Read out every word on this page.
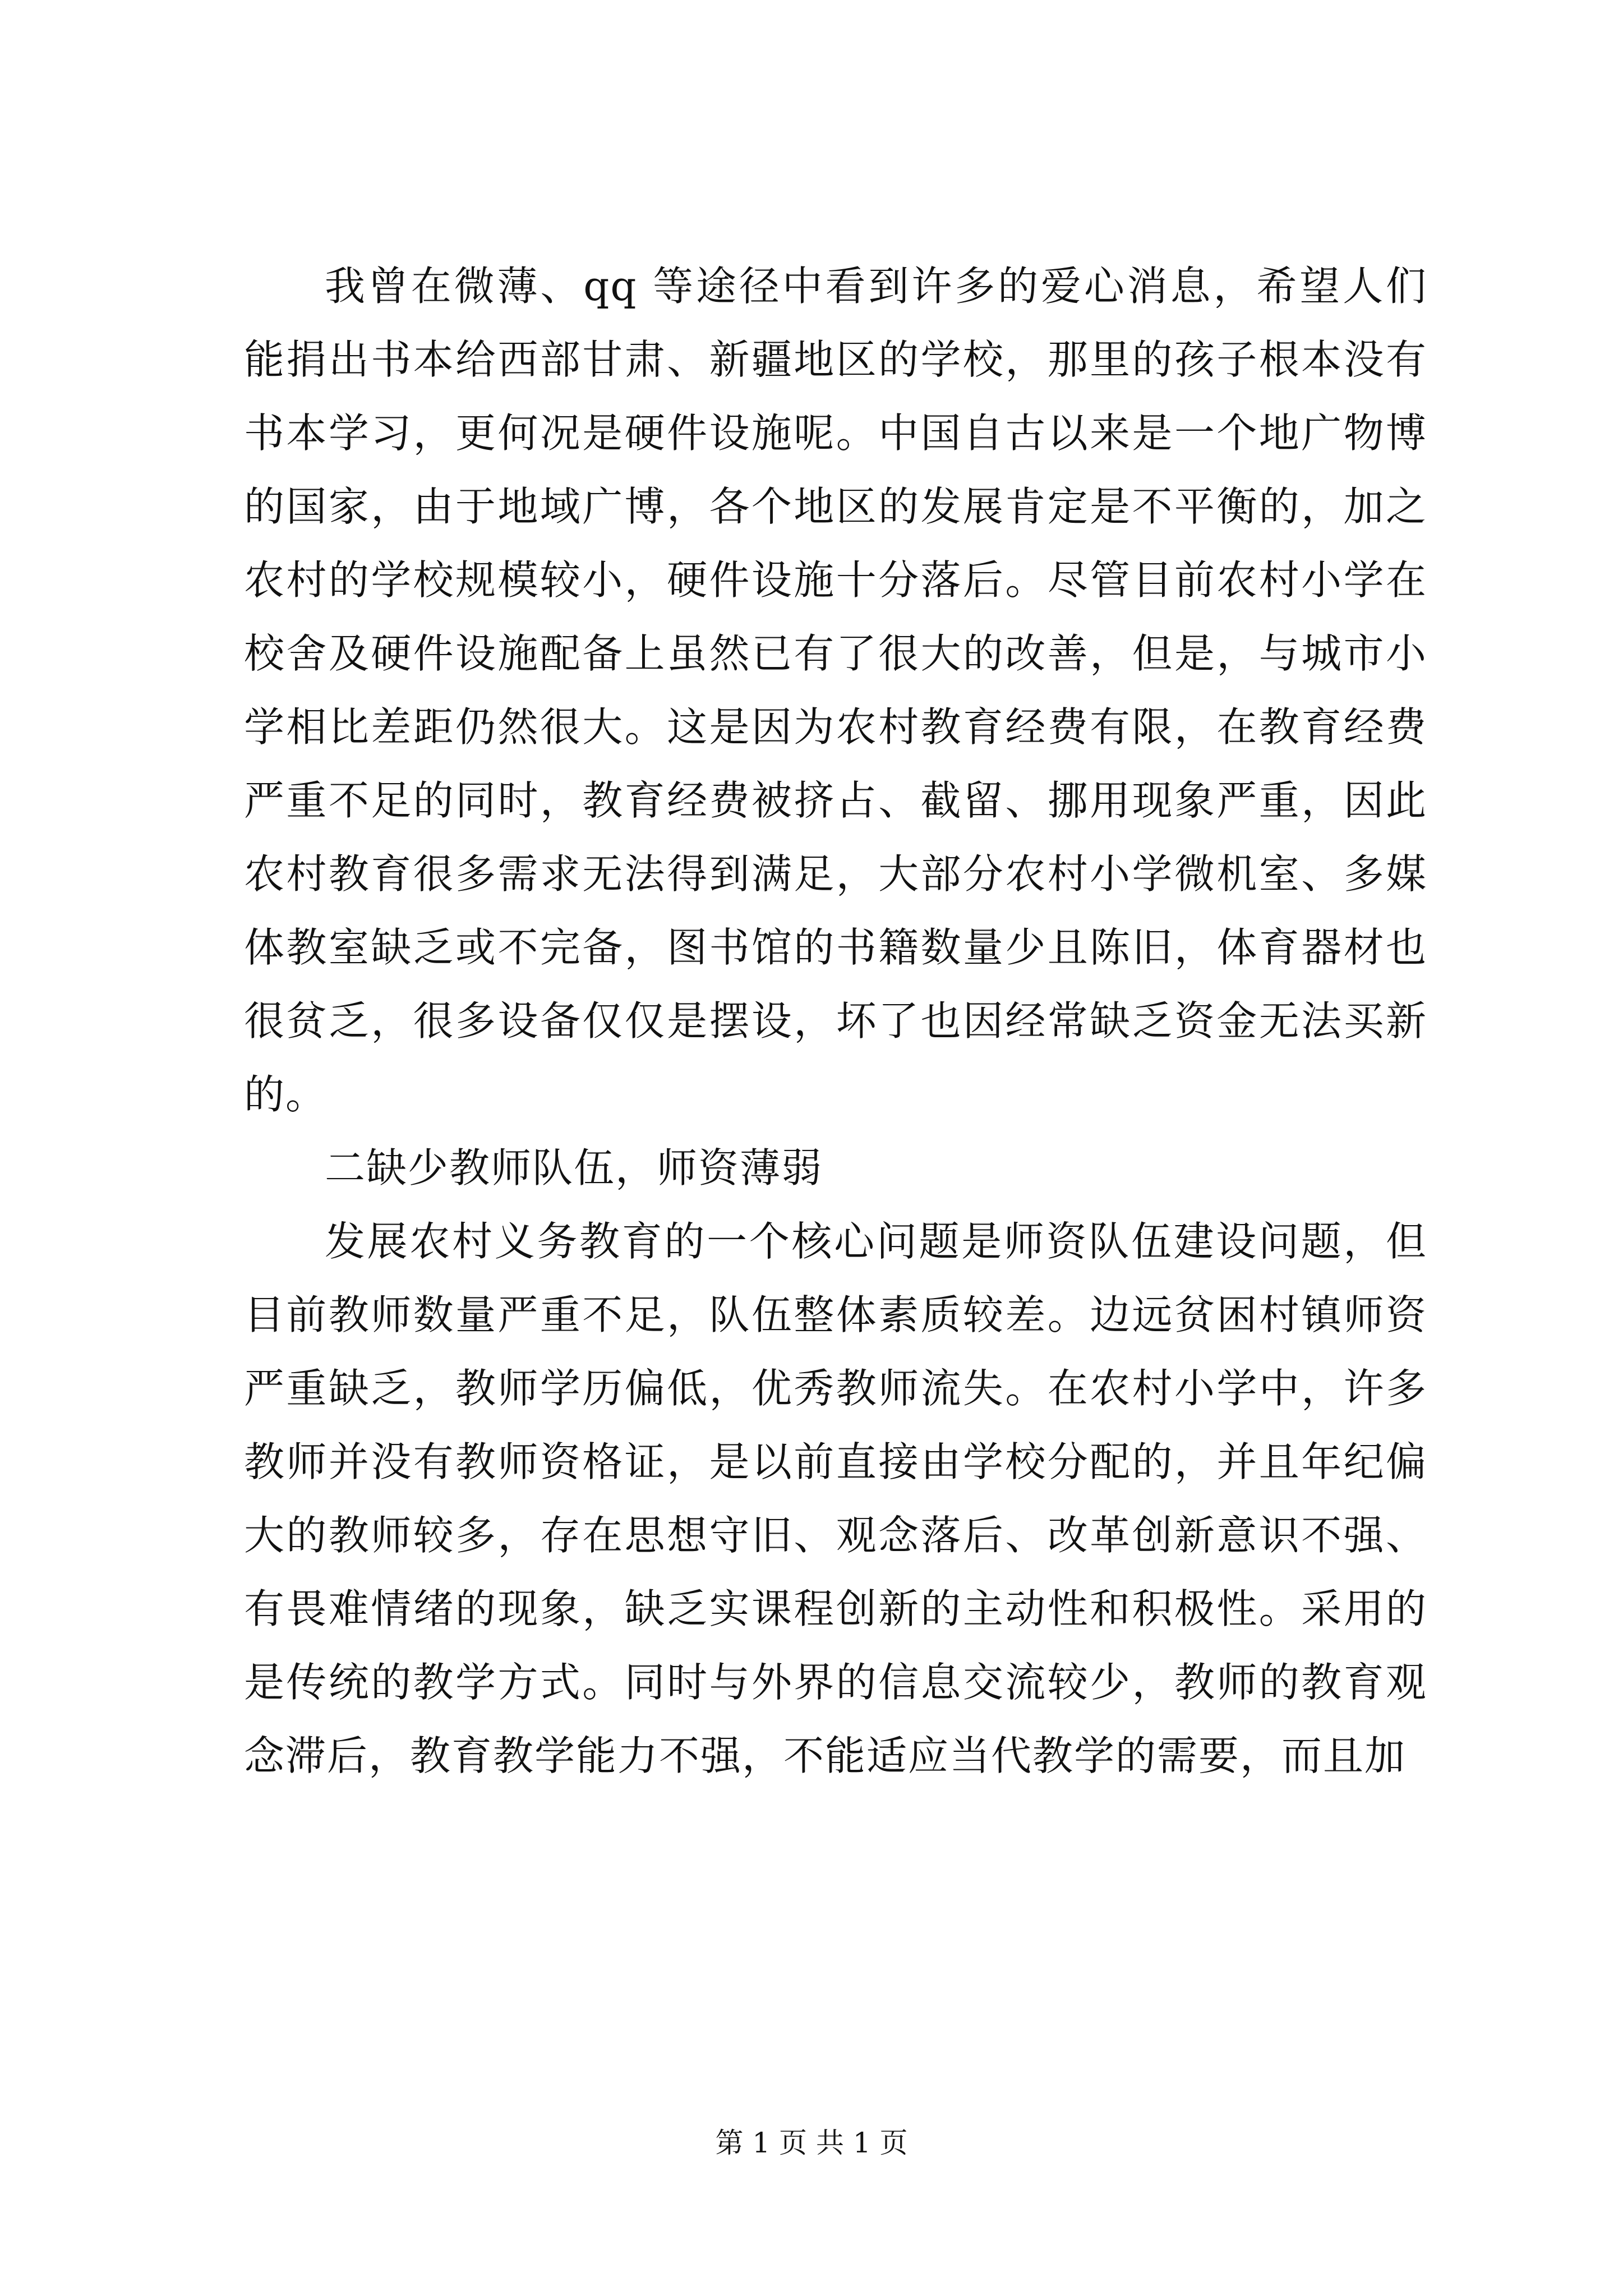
我曾在微薄、qq 等途径中看到许多的爱心消息，希望人们能捐出书本给西部甘肃、新疆地区的学校，那里的孩子根本没有书本学习，更何况是硬件设施呢。中国自古以来是一个地广物博的国家，由于地域广博，各个地区的发展肯定是不平衡的，加之农村的学校规模较小，硬件设施十分落后。尽管目前农村小学在校舍及硬件设施配备上虽然已有了很大的改善，但是，与城市小学相比差距仍然很大。这是因为农村教育经费有限，在教育经费严重不足的同时，教育经费被挤占、截留、挪用现象严重，因此农村教育很多需求无法得到满足，大部分农村小学微机室、多媒体教室缺乏或不完备，图书馆的书籍数量少且陈旧，体育器材也很贫乏，很多设备仅仅是摆设，坏了也因经常缺乏资金无法买新的。

二缺少教师队伍，师资薄弱

发展农村义务教育的一个核心问题是师资队伍建设问题，但目前教师数量严重不足，队伍整体素质较差。边远贫困村镇师资严重缺乏，教师学历偏低，优秀教师流失。在农村小学中，许多教师并没有教师资格证，是以前直接由学校分配的，并且年纪偏大的教师较多，存在思想守旧、观念落后、改革创新意识不强、有畏难情绪的现象，缺乏实课程创新的主动性和积极性。采用的是传统的教学方式。同时与外界的信息交流较少，教师的教育观念滞后，教育教学能力不强，不能适应当代教学的需要，而且加

第 1 页 共 1 页
